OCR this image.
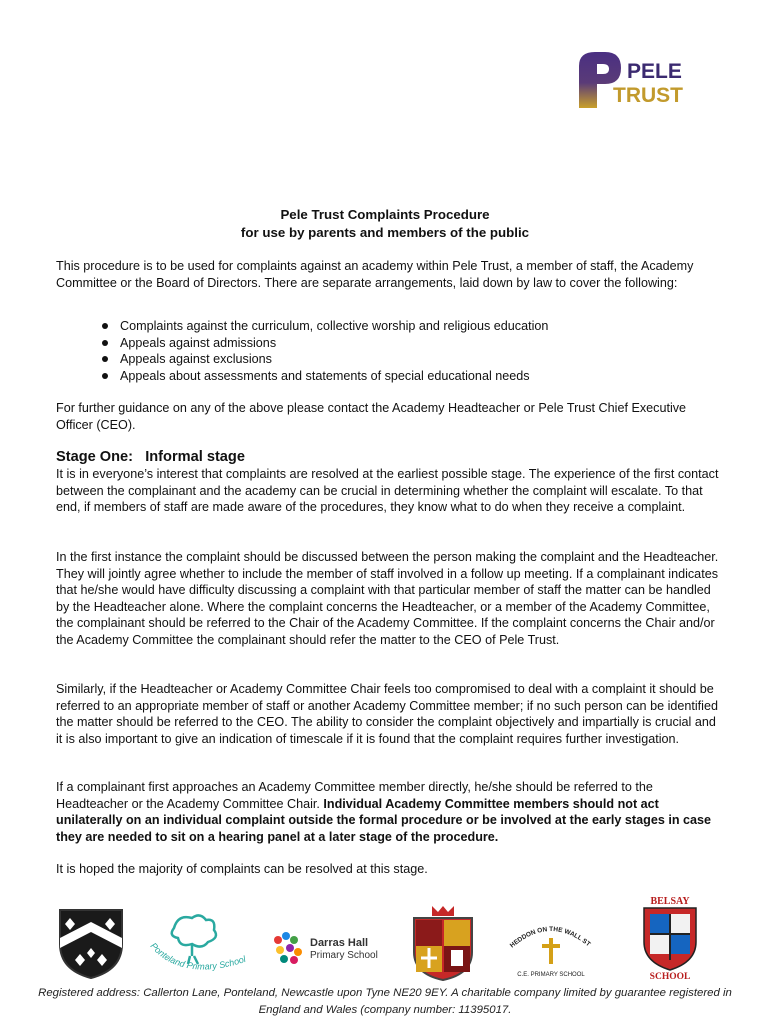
PELE
TRUST
Pele Trust Complaints Procedure
for use by parents and members of the public

This procedure is to be used for complaints against an academy within Pele Trust, a member of staff, the Academy Committee or the Board of Directors. There are separate arrangements, laid down by law to cover the following:

Complaints against the curriculum, collective worship and religious education
Appeals against admissions
Appeals against exclusions
Appeals about assessments and statements of special educational needs

For further guidance on any of the above please contact the Academy Headteacher or Pele Trust Chief Executive Officer (CEO).

Stage One:   Informal stage

It is in everyone’s interest that complaints are resolved at the earliest possible stage. The experience of the first contact between the complainant and the academy can be crucial in determining whether the complaint will escalate. To that end, if members of staff are made aware of the procedures, they know what to do when they receive a complaint.

In the first instance the complaint should be discussed between the person making the complaint and the Headteacher. They will jointly agree whether to include the member of staff involved in a follow up meeting. If a complainant indicates that he/she would have difficulty discussing a complaint with that particular member of staff the matter can be handled by the Headteacher alone. Where the complaint concerns the Headteacher, or a member of the Academy Committee, the complainant should be referred to the Chair of the Academy Committee. If the complaint concerns the Chair and/or the Academy Committee the complainant should refer the matter to the CEO of Pele Trust.

Similarly, if the Headteacher or Academy Committee Chair feels too compromised to deal with a complaint it should be referred to an appropriate member of staff or another Academy Committee member; if no such person can be identified the matter should be referred to the CEO. The ability to consider the complaint objectively and impartially is crucial and it is also important to give an indication of timescale if it is found that the complaint requires further investigation.

If a complainant first approaches an Academy Committee member directly, he/she should be referred to the Headteacher or the Academy Committee Chair. Individual Academy Committee members should not act unilaterally on an individual complaint outside the formal procedure or be involved at the early stages in case they are needed to sit on a hearing panel at a later stage of the procedure.

It is hoped the majority of complaints can be resolved at this stage.

Ponteland Primary School
Darras Hall
Primary School
HEDDON ON THE WALL ST
C.E. PRIMARY SCHOOL
BELSAY
SCHOOL
Registered address: Callerton Lane, Ponteland, Newcastle upon Tyne NE20 9EY. A charitable company limited by guarantee registered in
England and Wales (company number: 11395017.
